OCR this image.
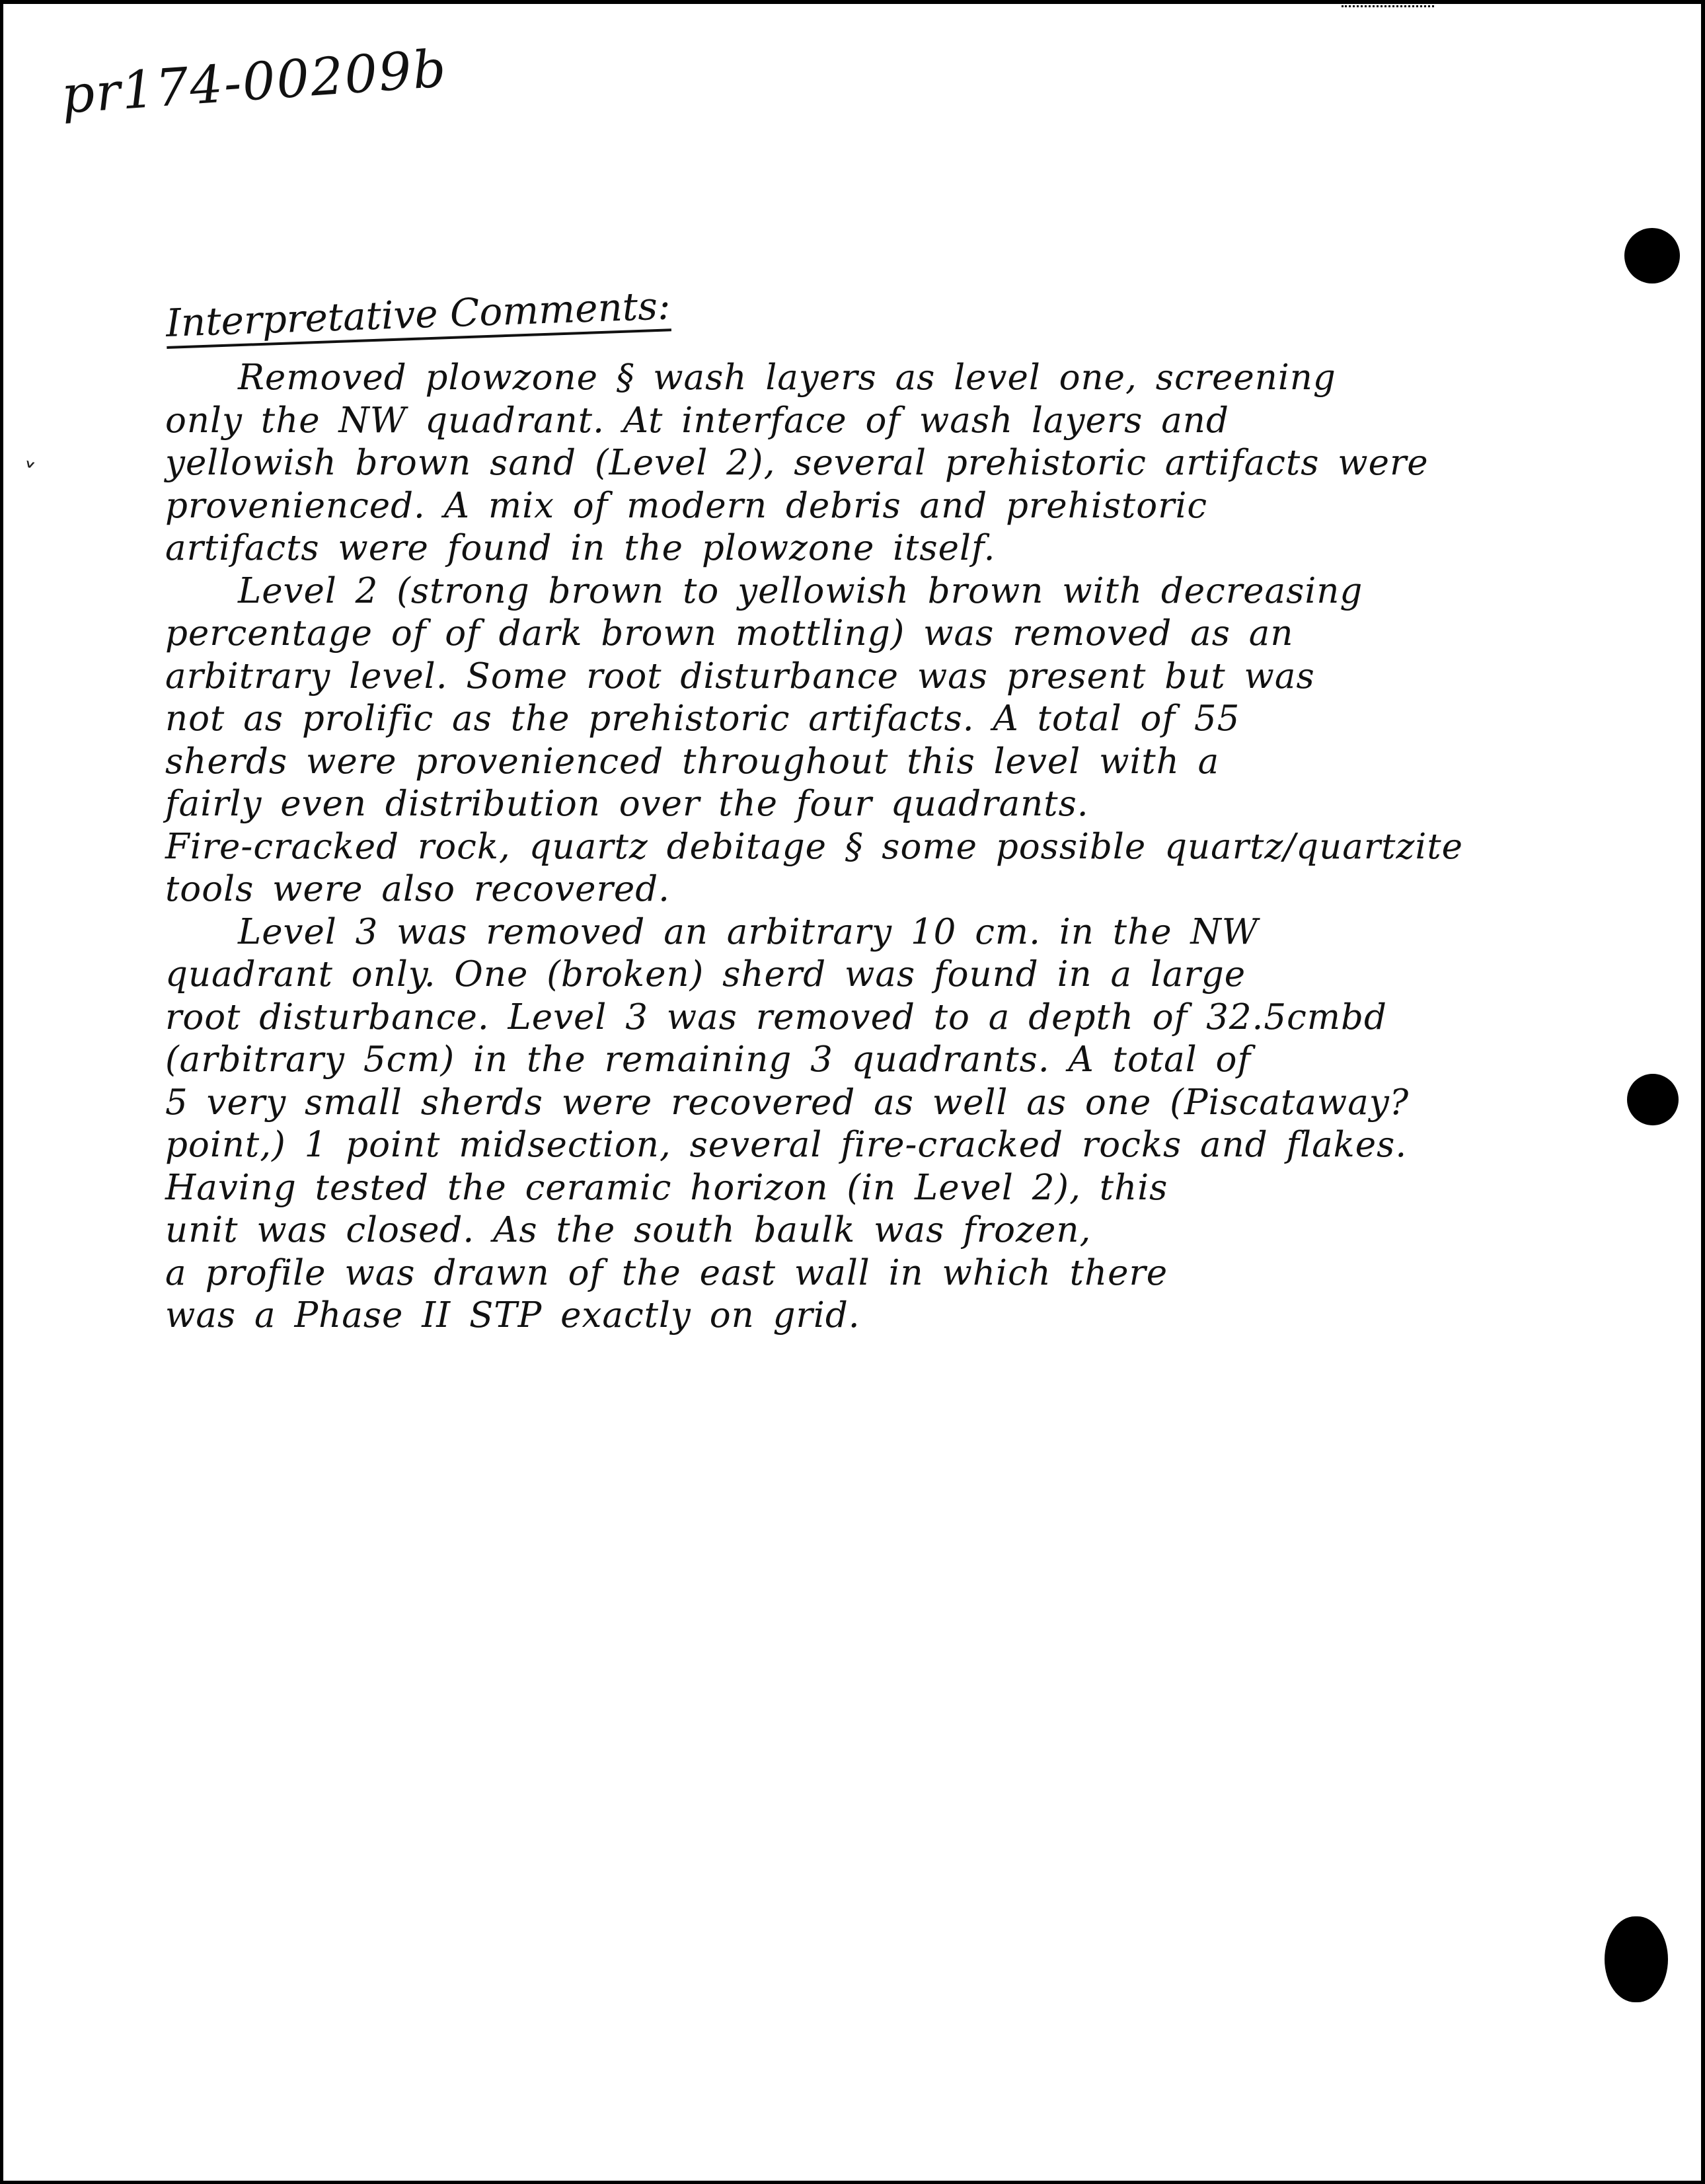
pr174-00209b
ˬ
Interpretative Comments:
Removed plowzone § wash layers as level one, screening
only the NW quadrant. At interface of wash layers and
yellowish brown sand (Level 2), several prehistoric artifacts were
provenienced. A mix of modern debris and prehistoric
artifacts were found in the plowzone itself.
Level 2 (strong brown to yellowish brown with decreasing
percentage of of dark brown mottling) was removed as an
arbitrary level. Some root disturbance was present but was
not as prolific as the prehistoric artifacts. A total of 55
sherds were provenienced throughout this level with a
fairly even distribution over the four quadrants.
Fire-cracked rock, quartz debitage § some possible quartz/quartzite
tools were also recovered.
Level 3 was removed an arbitrary 10 cm. in the NW
quadrant only. One (broken) sherd was found in a large
root disturbance. Level 3 was removed to a depth of 32.5cmbd
(arbitrary 5cm) in the remaining 3 quadrants. A total of
5 very small sherds were recovered as well as one (Piscataway?
point,) 1 point midsection, several fire-cracked rocks and flakes.
Having tested the ceramic horizon (in Level 2), this
unit was closed. As the south baulk was frozen,
a profile was drawn of the east wall in which there
was a Phase II STP exactly on grid.
